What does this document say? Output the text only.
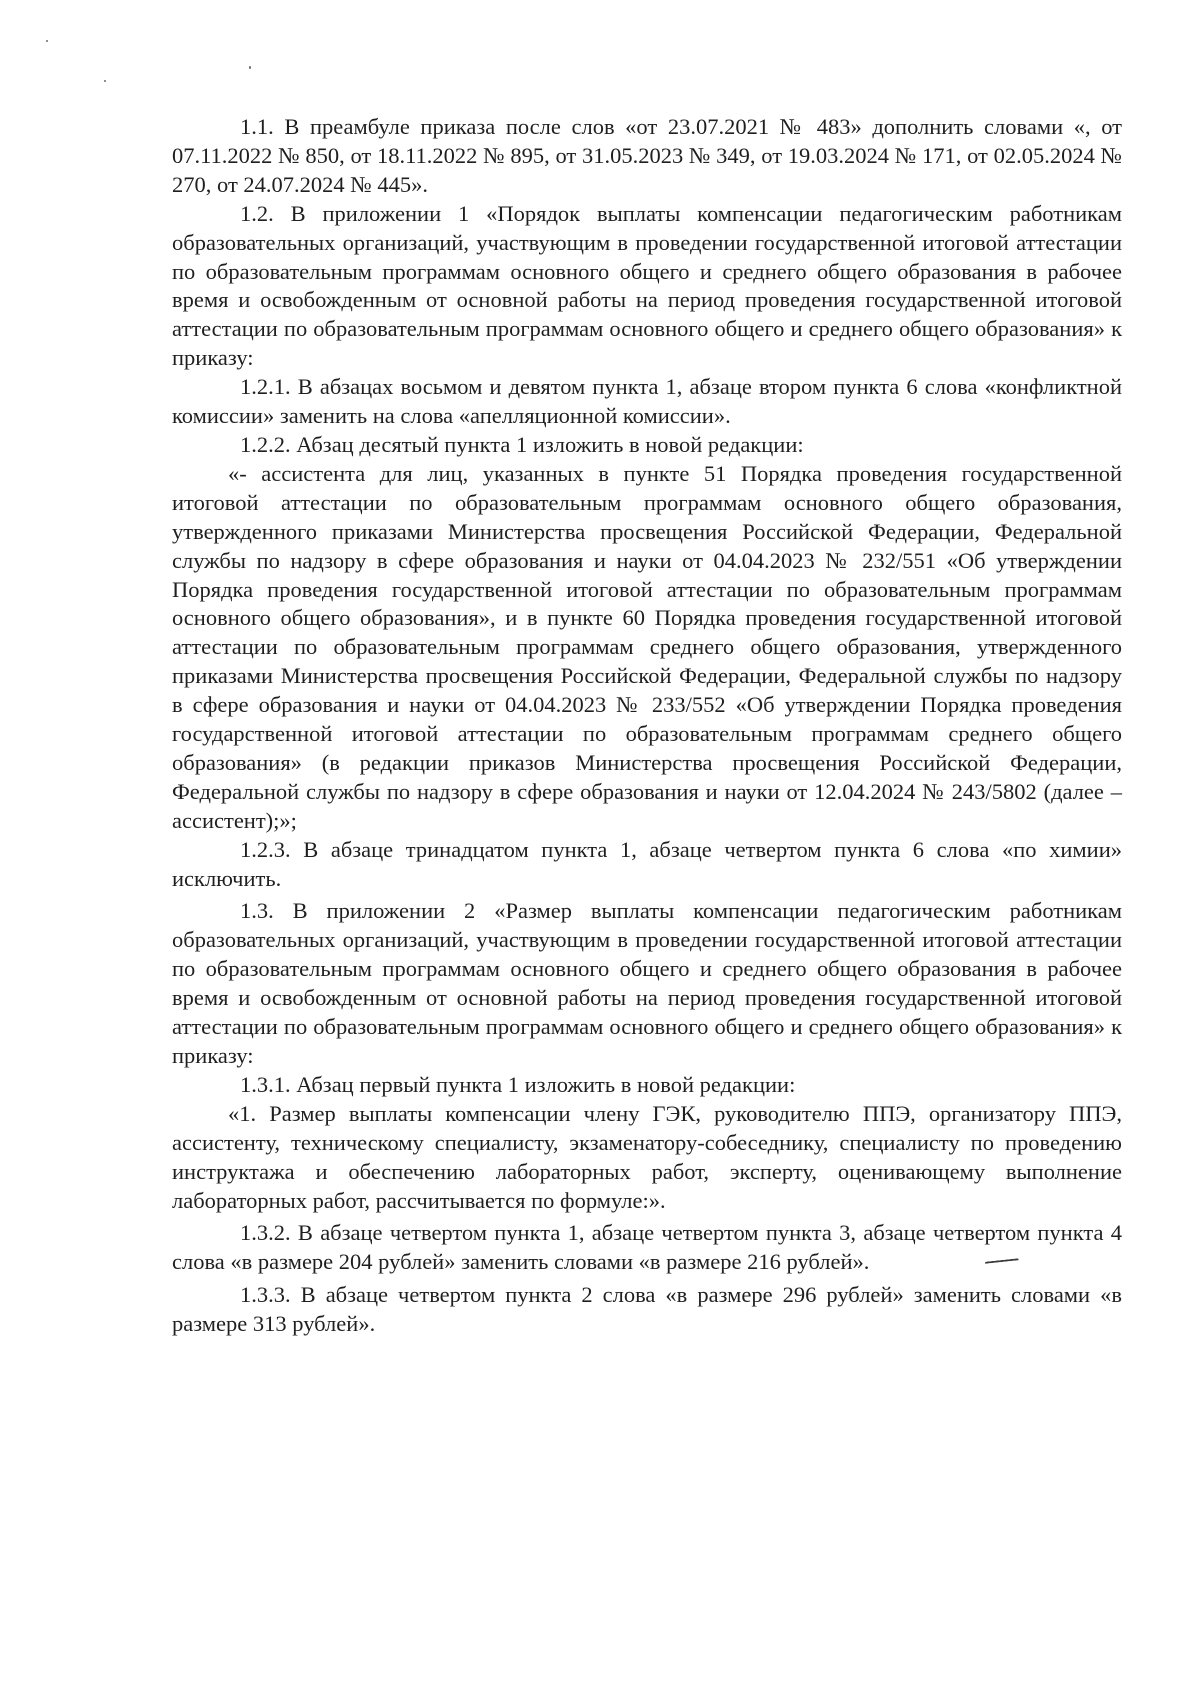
1.1. В преамбуле приказа после слов «от 23.07.2021 № 483» дополнить словами «, от 07.11.2022 № 850, от 18.11.2022 № 895, от 31.05.2023 № 349, от 19.03.2024 № 171, от 02.05.2024 № 270, от 24.07.2024 № 445».

1.2. В приложении 1 «Порядок выплаты компенсации педагогическим работникам образовательных организаций, участвующим в проведении государственной итоговой аттестации по образовательным программам основного общего и среднего общего образования в рабочее время и освобожденным от основной работы на период проведения государственной итоговой аттестации по образовательным программам основного общего и среднего общего образования» к приказу:

1.2.1. В абзацах восьмом и девятом пункта 1, абзаце втором пункта 6 слова «конфликтной комиссии» заменить на слова «апелляционной комиссии».

1.2.2. Абзац десятый пункта 1 изложить в новой редакции:

«- ассистента для лиц, указанных в пункте 51 Порядка проведения государственной итоговой аттестации по образовательным программам основного общего образования, утвержденного приказами Министерства просвещения Российской Федерации, Федеральной службы по надзору в сфере образования и науки от 04.04.2023 № 232/551 «Об утверждении Порядка проведения государственной итоговой аттестации по образовательным программам основного общего образования», и в пункте 60 Порядка проведения государственной итоговой аттестации по образовательным программам среднего общего образования, утвержденного приказами Министерства просвещения Российской Федерации, Федеральной службы по надзору в сфере образования и науки от 04.04.2023 № 233/552 «Об утверждении Порядка проведения государственной итоговой аттестации по образовательным программам среднего общего образования» (в редакции приказов Министерства просвещения Российской Федерации, Федеральной службы по надзору в сфере образования и науки от 12.04.2024 № 243/5802 (далее – ассистент);»;

1.2.3. В абзаце тринадцатом пункта 1, абзаце четвертом пункта 6 слова «по химии» исключить.

1.3. В приложении 2 «Размер выплаты компенсации педагогическим работникам образовательных организаций, участвующим в проведении государственной итоговой аттестации по образовательным программам основного общего и среднего общего образования в рабочее время и освобожденным от основной работы на период проведения государственной итоговой аттестации по образовательным программам основного общего и среднего общего образования» к приказу:

1.3.1. Абзац первый пункта 1 изложить в новой редакции:

«1. Размер выплаты компенсации члену ГЭК, руководителю ППЭ, организатору ППЭ, ассистенту, техническому специалисту, экзаменатору-собеседнику, специалисту по проведению инструктажа и обеспечению лабораторных работ, эксперту, оценивающему выполнение лабораторных работ, рассчитывается по формуле:».

1.3.2. В абзаце четвертом пункта 1, абзаце четвертом пункта 3, абзаце четвертом пункта 4 слова «в размере 204 рублей» заменить словами «в размере 216 рублей».

1.3.3. В абзаце четвертом пункта 2 слова «в размере 296 рублей» заменить словами «в размере 313 рублей».
